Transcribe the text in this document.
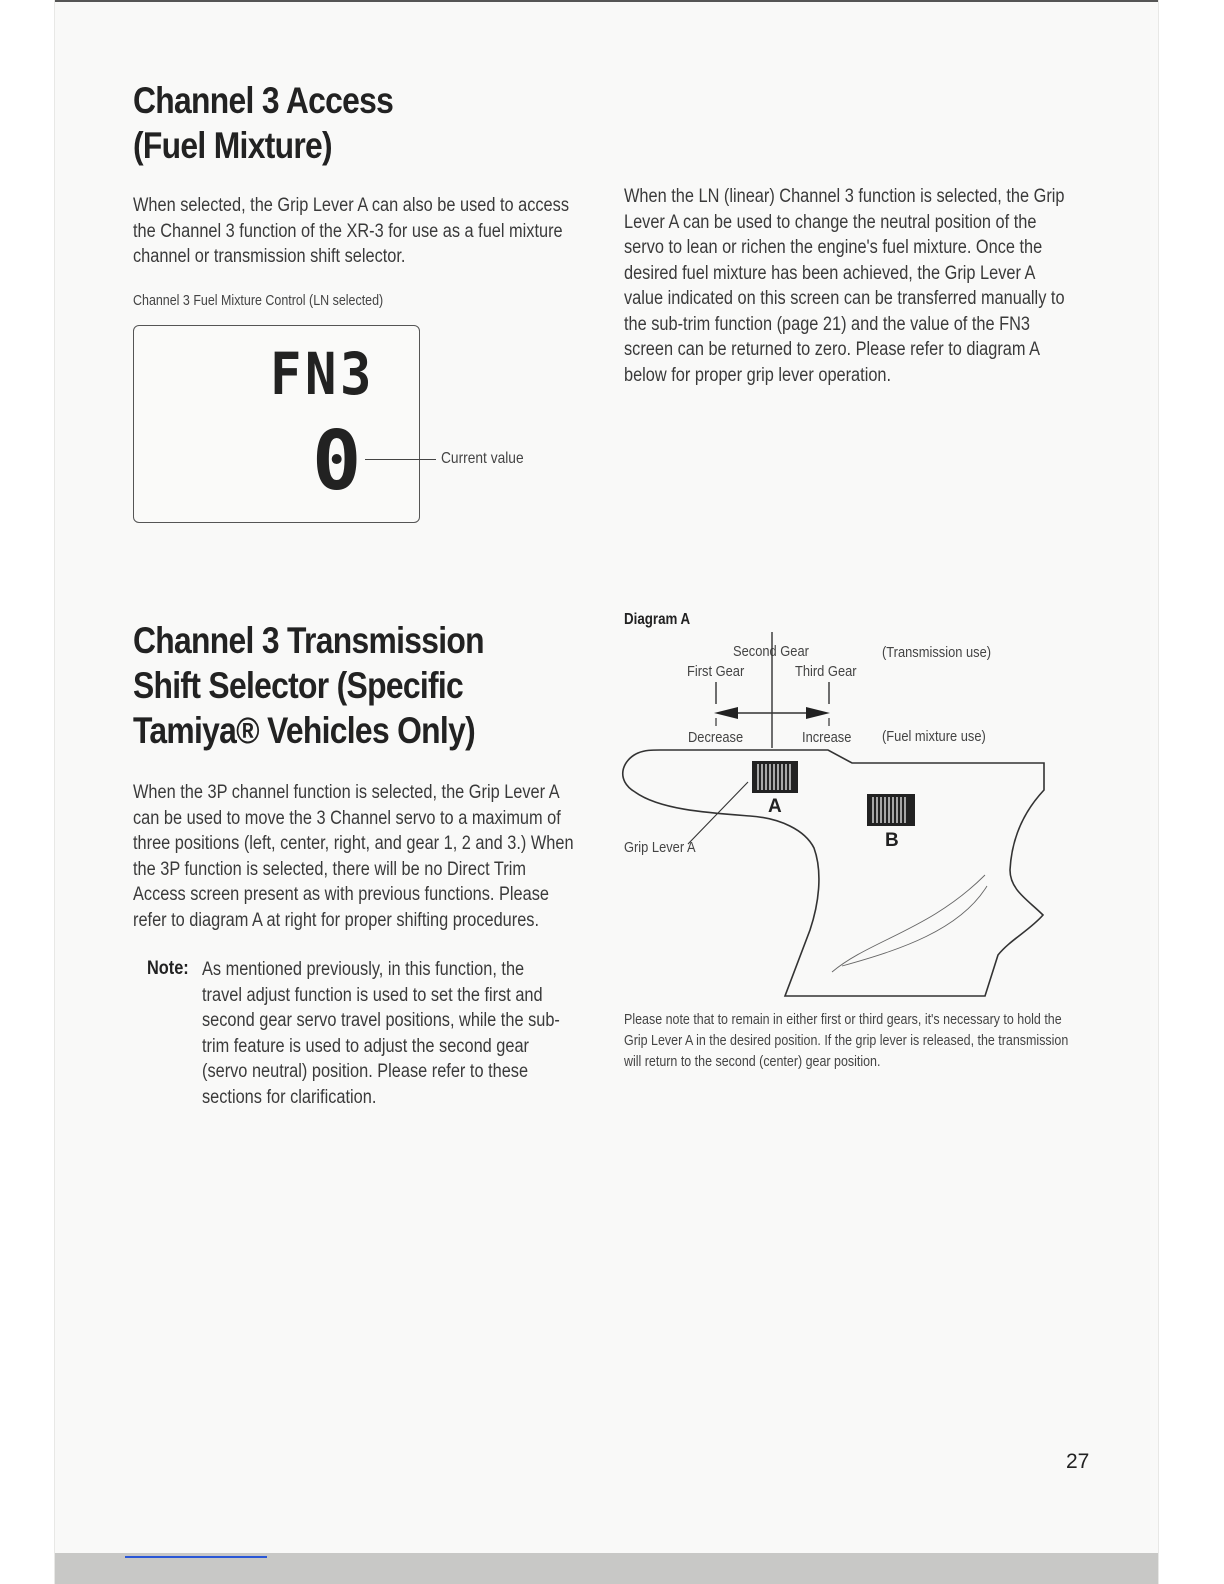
Channel 3 Access
(Fuel Mixture)

When selected, the Grip Lever A can also be used to access the Channel 3 function of the XR-3 for use as a fuel mixture channel or transmission shift selector.

Channel 3 Fuel Mixture Control (LN selected)

FN3
0	Current value

When the LN (linear) Channel 3 function is selected, the Grip Lever A can be used to change the neutral position of the servo to lean or richen the engine's fuel mixture. Once the desired fuel mixture has been achieved, the Grip Lever A value indicated on this screen can be transferred manually to the sub-trim function (page 21) and the value of the FN3 screen can be returned to zero. Please refer to diagram A below for proper grip lever operation.

Channel 3 Transmission
Shift Selector (Specific
Tamiya® Vehicles Only)

When the 3P channel function is selected, the Grip Lever A can be used to move the 3 Channel servo to a maximum of three positions (left, center, right, and gear 1, 2 and 3.) When the 3P function is selected, there will be no Direct Trim Access screen present as with previous functions. Please refer to diagram A at right for proper shifting procedures.

Note: As mentioned previously, in this function, the travel adjust function is used to set the first and second gear servo travel positions, while the sub-trim feature is used to adjust the second gear (servo neutral) position. Please refer to these sections for clarification.

Diagram A

Second Gear
First Gear	Third Gear
(Transmission use)
Decrease	Increase (Fuel mixture use)
A
B
Grip Lever A

Please note that to remain in either first or third gears, it's necessary to hold the Grip Lever A in the desired position. If the grip lever is released, the transmission will return to the second (center) gear position.

27
